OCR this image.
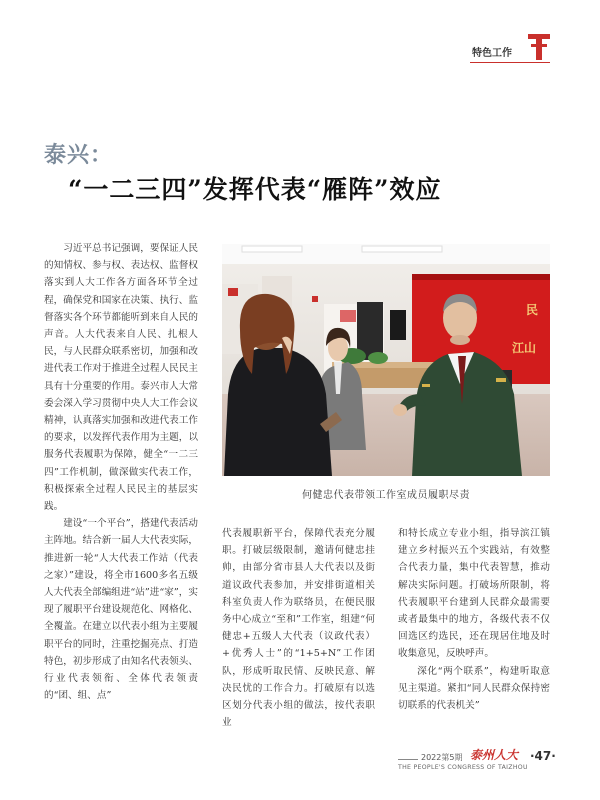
特色工作
泰兴：
“一二三四”发挥代表“雁阵”效应

习近平总书记强调，要保证人民的知情权、参与权、表达权、监督权落实到人大工作各方面各环节全过程，确保党和国家在决策、执行、监督落实各个环节都能听到来自人民的声音。人大代表来自人民、扎根人民，与人民群众联系密切，加强和改进代表工作对于推进全过程人民民主具有十分重要的作用。泰兴市人大常委会深入学习贯彻中央人大工作会议精神，认真落实加强和改进代表工作的要求，以发挥代表作用为主题，以服务代表履职为保障，健全“一二三四”工作机制，做深做实代表工作，积极探索全过程人民民主的基层实践。

建设“一个平台”，搭建代表活动主阵地。结合新一届人大代表实际，推进新一轮“人大代表工作站（代表之家）”建设，将全市1600多名五级人大代表全部编组进“站”进“家”，实现了履职平台建设规范化、网格化、全覆盖。在建立以代表小组为主要履职平台的同时，注重挖掘亮点、打造特色，初步形成了由知名代表领头、行业代表领衔、全体代表领责的“团、组、点”

民
江山
何健忠代表带领工作室成员履职尽责

代表履职新平台，保障代表充分履职。打破层级限制，邀请何健忠挂帅，由部分省市县人大代表以及街道议政代表参加，并安排街道相关科室负责人作为联络员，在便民服务中心成立“至和”工作室，组建“何健忠+五级人大代表（议政代表）+优秀人士”的“1+5+N”工作团队，形成听取民情、反映民意、解决民忧的工作合力。打破原有以选区划分代表小组的做法，按代表职业

和特长成立专业小组，指导滨江镇建立乡村振兴五个实践站，有效整合代表力量，集中代表智慧，推动解决实际问题。打破场所限制，将代表履职平台建到人民群众最需要或者最集中的地方，各级代表不仅回选区约选民，还在现居住地及时收集意见，反映呼声。

深化“两个联系”，构建听取意见主渠道。紧扣“同人民群众保持密切联系的代表机关”

2022第5期 泰州人大
THE PEOPLE'S CONGRESS OF TAIZHOU
·47·
